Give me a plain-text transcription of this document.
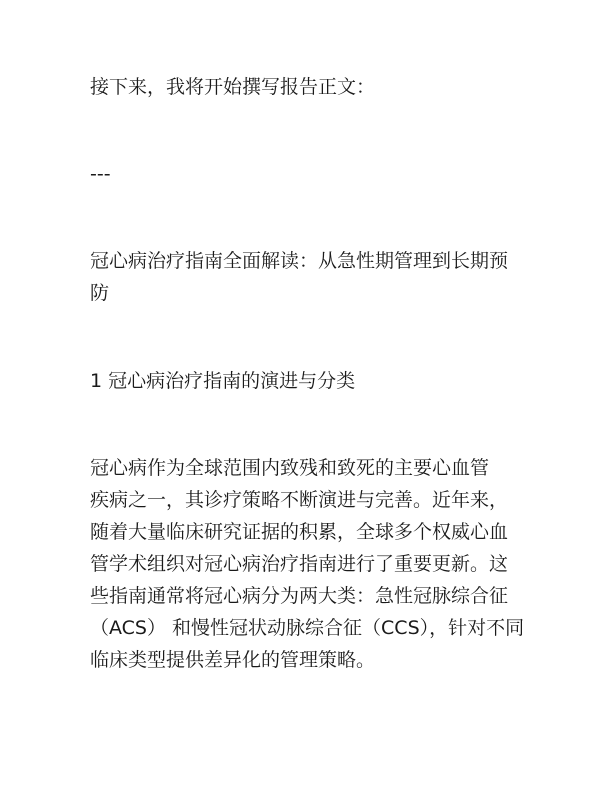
接下来，我将开始撰写报告正文：
---
冠心病治疗指南全面解读：从急性期管理到长期预
防
1 冠心病治疗指南的演进与分类
冠心病作为全球范围内致残和致死的主要心血管
疾病之一，其诊疗策略不断演进与完善。近年来，
随着大量临床研究证据的积累，全球多个权威心血
管学术组织对冠心病治疗指南进行了重要更新。这
些指南通常将冠心病分为两大类：急性冠脉综合征
（ACS） 和慢性冠状动脉综合征（CCS），针对不同
临床类型提供差异化的管理策略。
